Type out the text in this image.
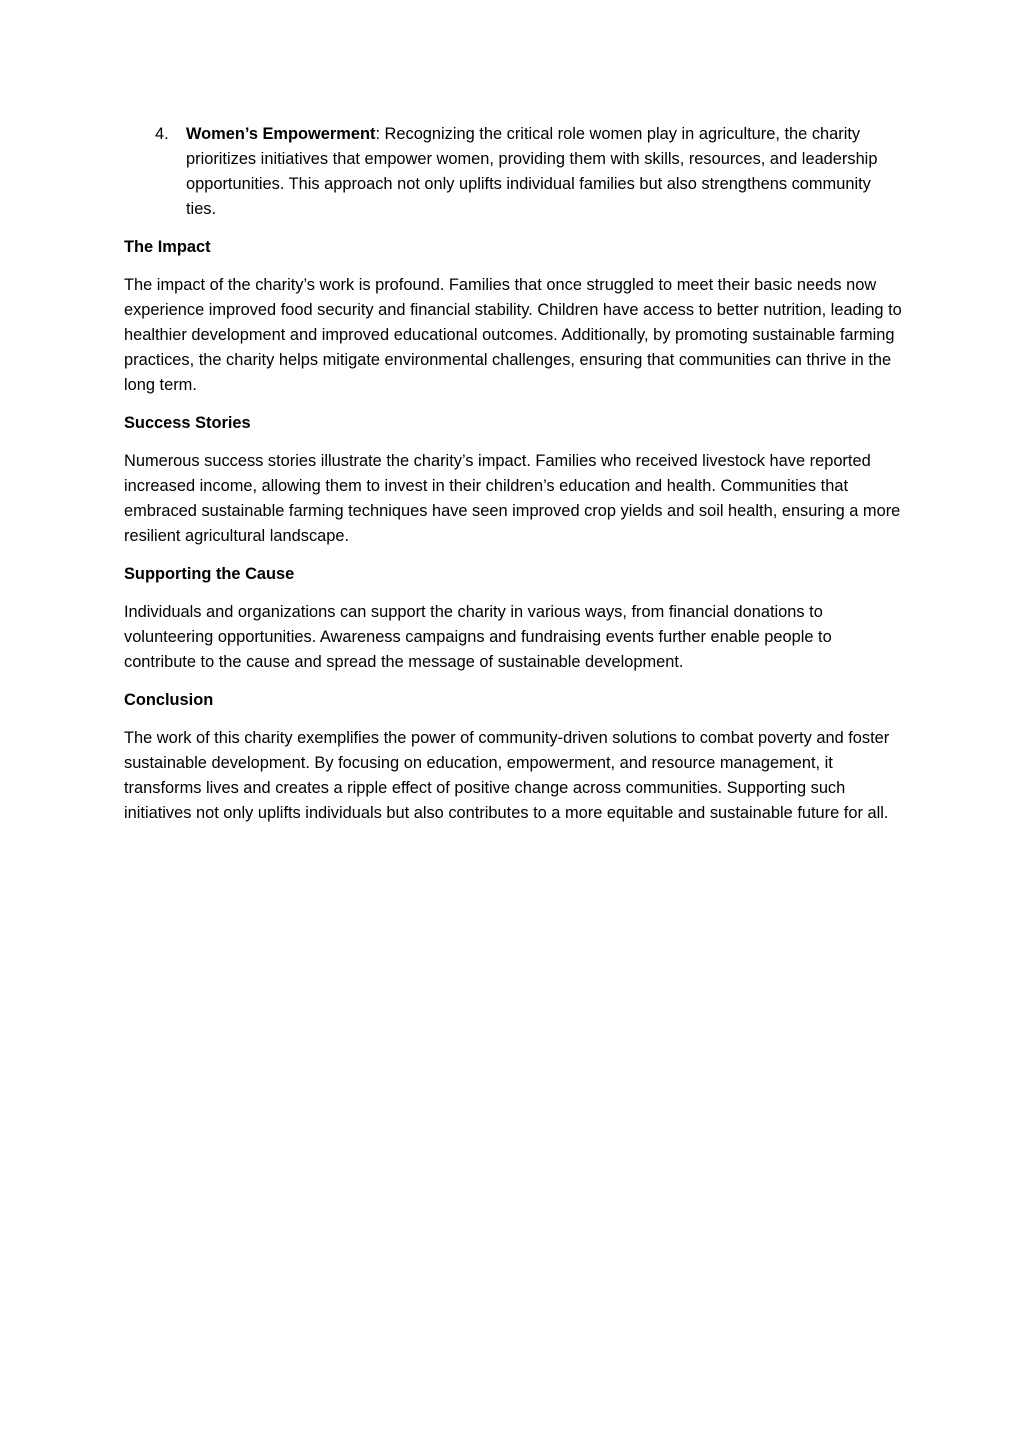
4. Women’s Empowerment: Recognizing the critical role women play in agriculture, the charity prioritizes initiatives that empower women, providing them with skills, resources, and leadership opportunities. This approach not only uplifts individual families but also strengthens community ties.
The Impact

The impact of the charity’s work is profound. Families that once struggled to meet their basic needs now experience improved food security and financial stability. Children have access to better nutrition, leading to healthier development and improved educational outcomes. Additionally, by promoting sustainable farming practices, the charity helps mitigate environmental challenges, ensuring that communities can thrive in the long term.

Success Stories

Numerous success stories illustrate the charity’s impact. Families who received livestock have reported increased income, allowing them to invest in their children’s education and health. Communities that embraced sustainable farming techniques have seen improved crop yields and soil health, ensuring a more resilient agricultural landscape.

Supporting the Cause

Individuals and organizations can support the charity in various ways, from financial donations to volunteering opportunities. Awareness campaigns and fundraising events further enable people to contribute to the cause and spread the message of sustainable development.

Conclusion

The work of this charity exemplifies the power of community-driven solutions to combat poverty and foster sustainable development. By focusing on education, empowerment, and resource management, it transforms lives and creates a ripple effect of positive change across communities. Supporting such initiatives not only uplifts individuals but also contributes to a more equitable and sustainable future for all.
